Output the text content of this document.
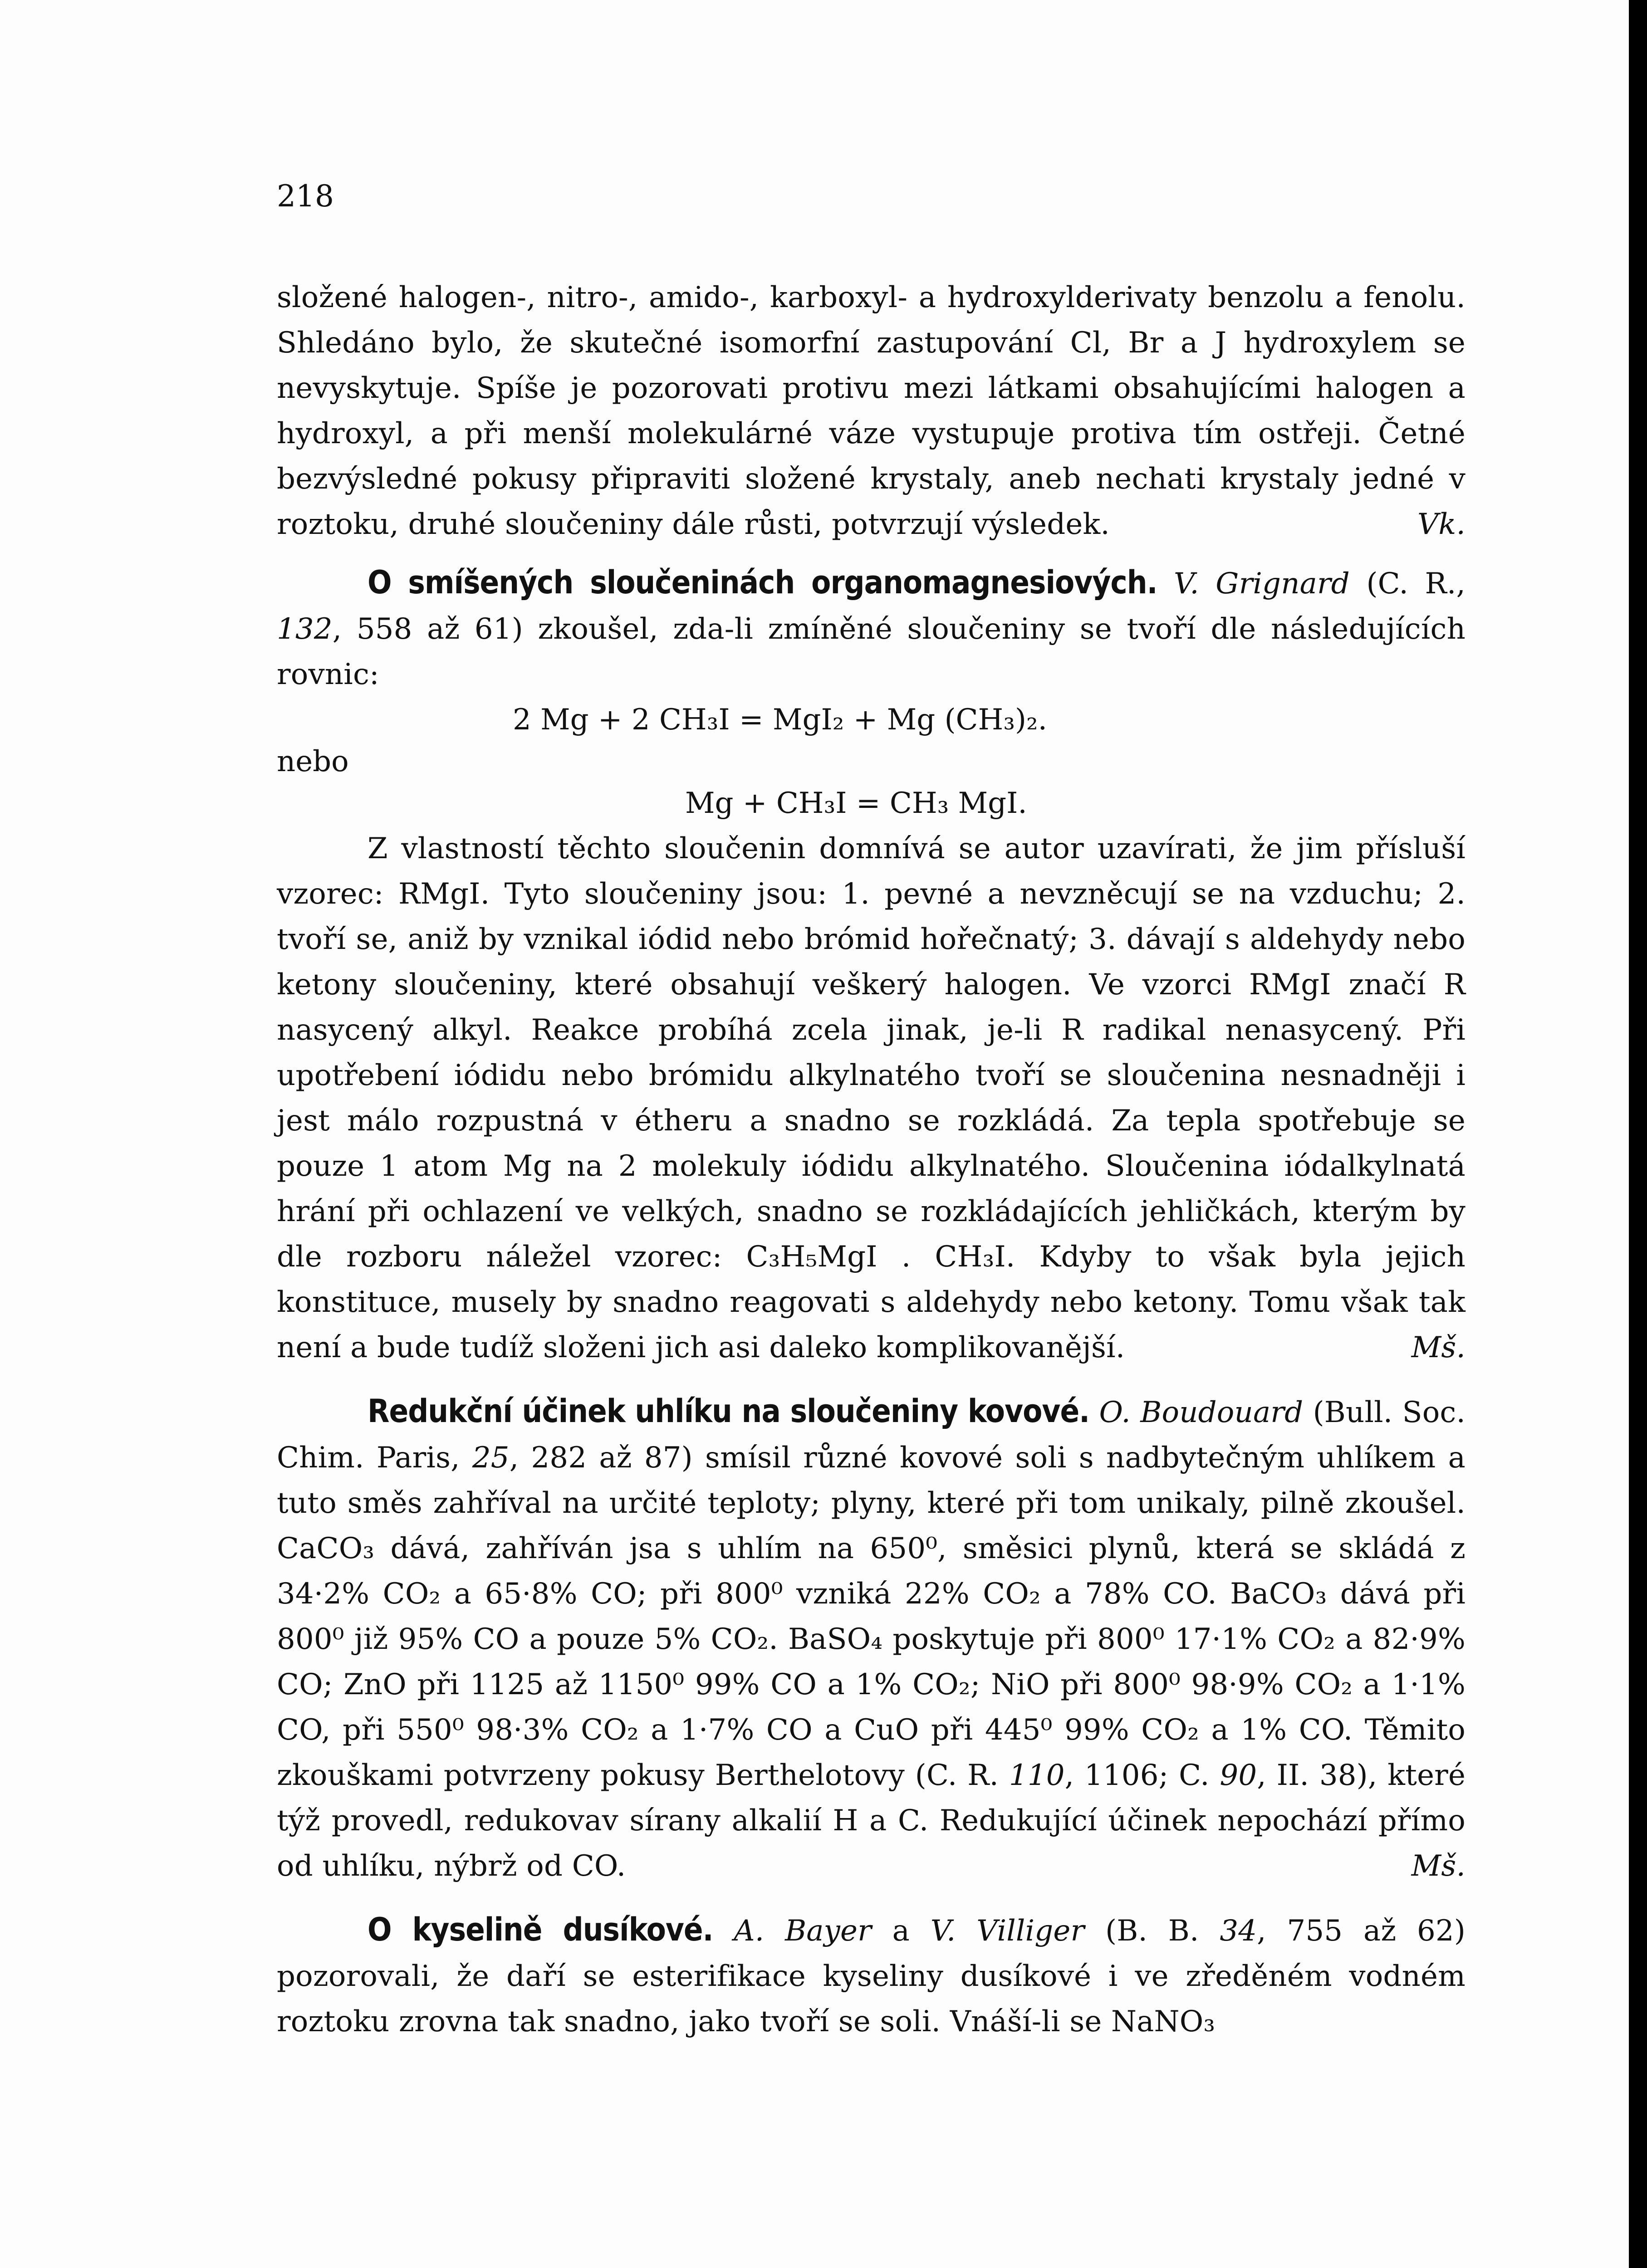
218

složené halogen-, nitro-, amido-, karboxyl- a hydroxylderivaty benzolu a fenolu. Shledáno bylo, že skutečné isomorfní zastupování Cl, Br a J hydroxylem se nevyskytuje. Spíše je pozorovati protivu mezi látkami obsahujícími halogen a hydroxyl, a při menší molekulárné váze vystupuje protiva tím ostřeji. Četné bezvýsledné pokusy připraviti složené krystaly, aneb nechati krystaly jedné v roztoku, druhé sloučeniny dále růsti, potvrzují výsledek.	Vk.

O smíšených sloučeninách organomagnesiových. V. Grignard (C. R., 132, 558 až 61) zkoušel, zda-li zmíněné sloučeniny se tvoří dle následujících rovnic:

2 Mg + 2 CH₃I = MgI₂ + Mg (CH₃)₂.
nebo
Mg + CH₃I = CH₃ MgI.

Z vlastností těchto sloučenin domnívá se autor uzavírati, že jim přísluší vzorec: RMgI. Tyto sloučeniny jsou: 1. pevné a nevzněcují se na vzduchu; 2. tvoří se, aniž by vznikal iódid nebo brómid hořečnatý; 3. dávají s aldehydy nebo ketony sloučeniny, které obsahují veškerý halogen. Ve vzorci RMgI značí R nasycený alkyl. Reakce probíhá zcela jinak, je-li R radikal nenasycený. Při upotřebení iódidu nebo brómidu alkylnatého tvoří se sloučenina nesnadněji i jest málo rozpustná v étheru a snadno se rozkládá. Za tepla spotřebuje se pouze 1 atom Mg na 2 molekuly iódidu alkylnatého. Sloučenina iódalkylnatá hrání při ochlazení ve velkých, snadno se rozkládajících jehličkách, kterým by dle rozboru náležel vzorec: C₃H₅MgI . CH₃I. Kdyby to však byla jejich konstituce, musely by snadno reagovati s aldehydy nebo ketony. Tomu však tak není a bude tudíž složeni jich asi daleko komplikovanější.	Mš.

Redukční účinek uhlíku na sloučeniny kovové. O. Boudouard (Bull. Soc. Chim. Paris, 25, 282 až 87) smísil různé kovové soli s nadbytečným uhlíkem a tuto směs zahříval na určité teploty; plyny, které při tom unikaly, pilně zkoušel. CaCO₃ dává, zahříván jsa s uhlím na 650⁰, směsici plynů, která se skládá z 34·2% CO₂ a 65·8% CO; při 800⁰ vzniká 22% CO₂ a 78% CO. BaCO₃ dává při 800⁰ již 95% CO a pouze 5% CO₂. BaSO₄ poskytuje při 800⁰ 17·1% CO₂ a 82·9% CO; ZnO při 1125 až 1150⁰ 99% CO a 1% CO₂; NiO při 800⁰ 98·9% CO₂ a 1·1% CO, při 550⁰ 98·3% CO₂ a 1·7% CO a CuO při 445⁰ 99% CO₂ a 1% CO. Těmito zkouškami potvrzeny pokusy Berthelotovy (C. R. 110, 1106; C. 90, II. 38), které týž provedl, redukovav sírany alkalií H a C. Redukující účinek nepochází přímo od uhlíku, nýbrž od CO.	Mš.

O kyselině dusíkové. A. Bayer a V. Villiger (B. B. 34, 755 až 62) pozorovali, že daří se esterifikace kyseliny dusíkové i ve zředěném vodném roztoku zrovna tak snadno, jako tvoří se soli. Vnáší-li se NaNO₃
